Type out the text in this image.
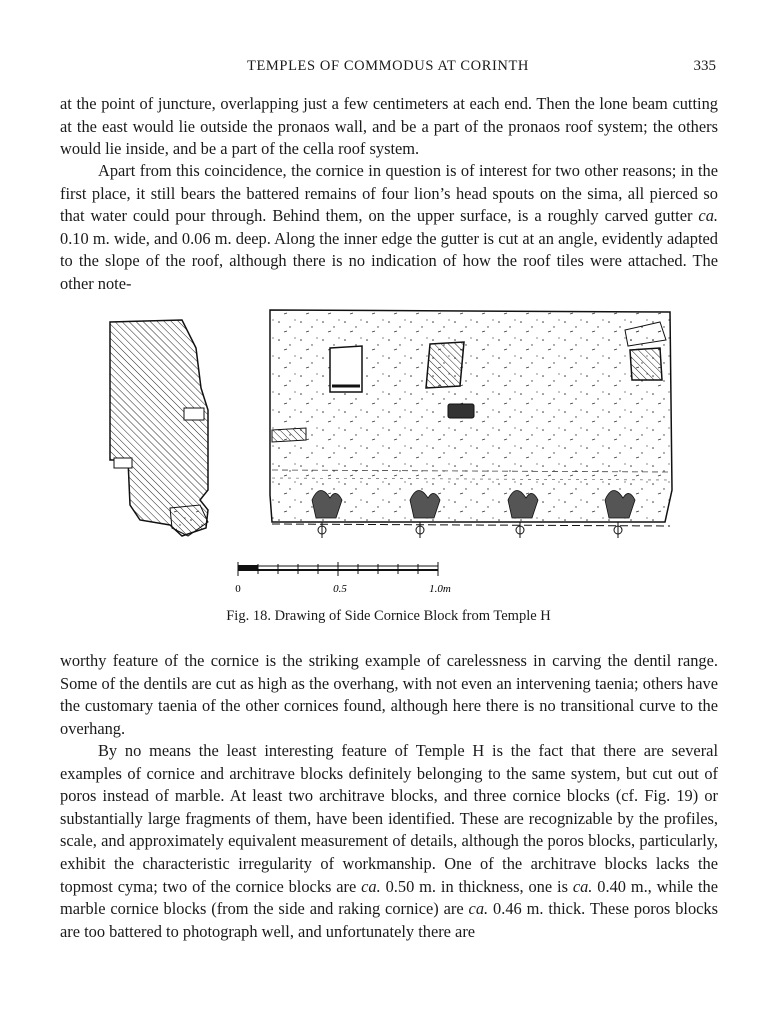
TEMPLES OF COMMODUS AT CORINTH	335

at the point of juncture, overlapping just a few centimeters at each end. Then the lone beam cutting at the east would lie outside the pronaos wall, and be a part of the pronaos roof system; the others would lie inside, and be a part of the cella roof system.

Apart from this coincidence, the cornice in question is of interest for two other reasons; in the first place, it still bears the battered remains of four lion’s head spouts on the sima, all pierced so that water could pour through. Behind them, on the upper surface, is a roughly carved gutter ca. 0.10 m. wide, and 0.06 m. deep. Along the inner edge the gutter is cut at an angle, evidently adapted to the slope of the roof, although there is no indication of how the roof tiles were attached. The other note-

0	0.5	1.0m
Fig. 18. Drawing of Side Cornice Block from Temple H

worthy feature of the cornice is the striking example of carelessness in carving the dentil range. Some of the dentils are cut as high as the overhang, with not even an intervening taenia; others have the customary taenia of the other cornices found, although here there is no transitional curve to the overhang.

By no means the least interesting feature of Temple H is the fact that there are several examples of cornice and architrave blocks definitely belonging to the same system, but cut out of poros instead of marble. At least two architrave blocks, and three cornice blocks (cf. Fig. 19) or substantially large fragments of them, have been identified. These are recognizable by the profiles, scale, and approximately equivalent measurement of details, although the poros blocks, particularly, exhibit the characteristic irregularity of workmanship. One of the architrave blocks lacks the topmost cyma; two of the cornice blocks are ca. 0.50 m. in thickness, one is ca. 0.40 m., while the marble cornice blocks (from the side and raking cornice) are ca. 0.46 m. thick. These poros blocks are too battered to photograph well, and unfortunately there are
